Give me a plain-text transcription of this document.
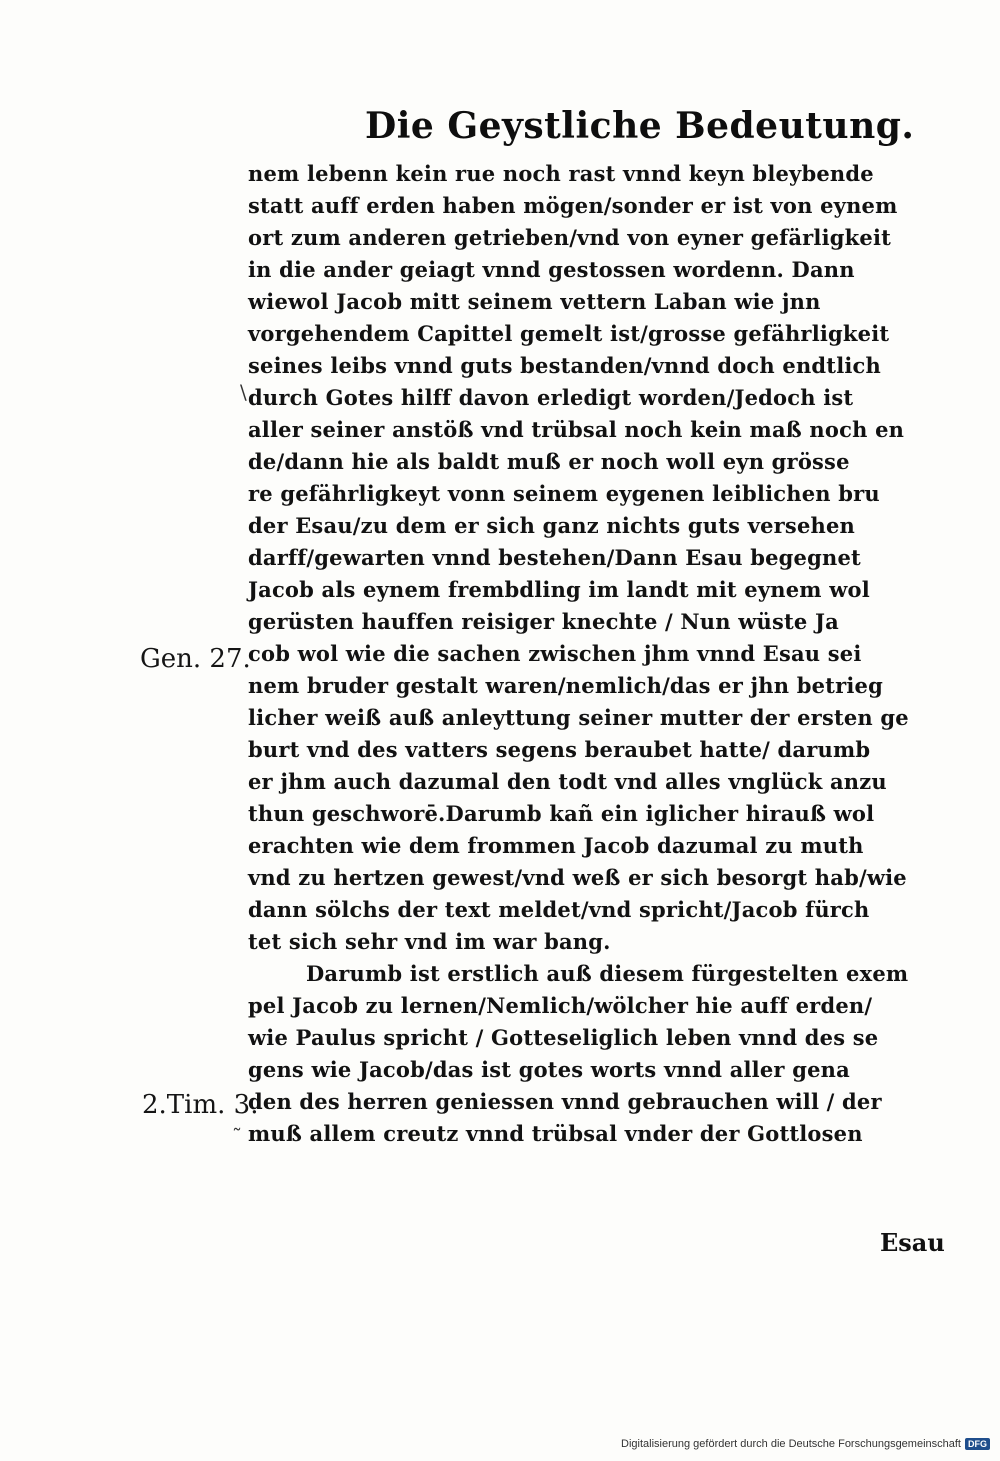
Die Geystliche Bedeutung.
nem lebenn kein rue noch rast vnnd keyn bleybende
statt auff erden haben mögen/sonder er ist von eynem
ort zum anderen getrieben/vnd von eyner gefärligkeit
in die ander geiagt vnnd gestossen wordenn. Dann
wiewol Jacob mitt seinem vettern Laban wie jnn
vorgehendem Capittel gemelt ist/grosse gefährligkeit
seines leibs vnnd guts bestanden/vnnd doch endtlich
durch Gotes hilff davon erledigt worden/Jedoch ist
aller seiner anstöß vnd trübsal noch kein maß noch en
de/dann hie als baldt muß er noch woll eyn grösse
re gefährligkeyt vonn seinem eygenen leiblichen bru
der Esau/zu dem er sich ganz nichts guts versehen
darff/gewarten vnnd bestehen/Dann Esau begegnet
Jacob als eynem frembdling im landt mit eynem wol
gerüsten hauffen reisiger knechte / Nun wüste Ja
cob wol wie die sachen zwischen jhm vnnd Esau sei
nem bruder gestalt waren/nemlich/das er jhn betrieg
licher weiß auß anleyttung seiner mutter der ersten ge
burt vnd des vatters segens beraubet hatte/ darumb
er jhm auch dazumal den todt vnd alles vnglück anzu
thun geschworē.Darumb kañ ein iglicher hirauß wol
erachten wie dem frommen Jacob dazumal zu muth
vnd zu hertzen gewest/vnd weß er sich besorgt hab/wie
dann sölchs der text meldet/vnd spricht/Jacob fürch
tet sich sehr vnd im war bang.
Darumb ist erstlich auß diesem fürgestelten exem
pel Jacob zu lernen/Nemlich/wölcher hie auff erden/
wie Paulus spricht / Gotteseliglich leben vnnd des se
gens wie Jacob/das ist gotes worts vnnd aller gena
den des herren geniessen vnnd gebrauchen will / der
muß allem creutz vnnd trübsal vnder der Gottlosen
Gen. 27.
2.Tim. 3.
\
˜
Esau
Digitalisierung gefördert durch die Deutsche Forschungsgemeinschaft DFG
